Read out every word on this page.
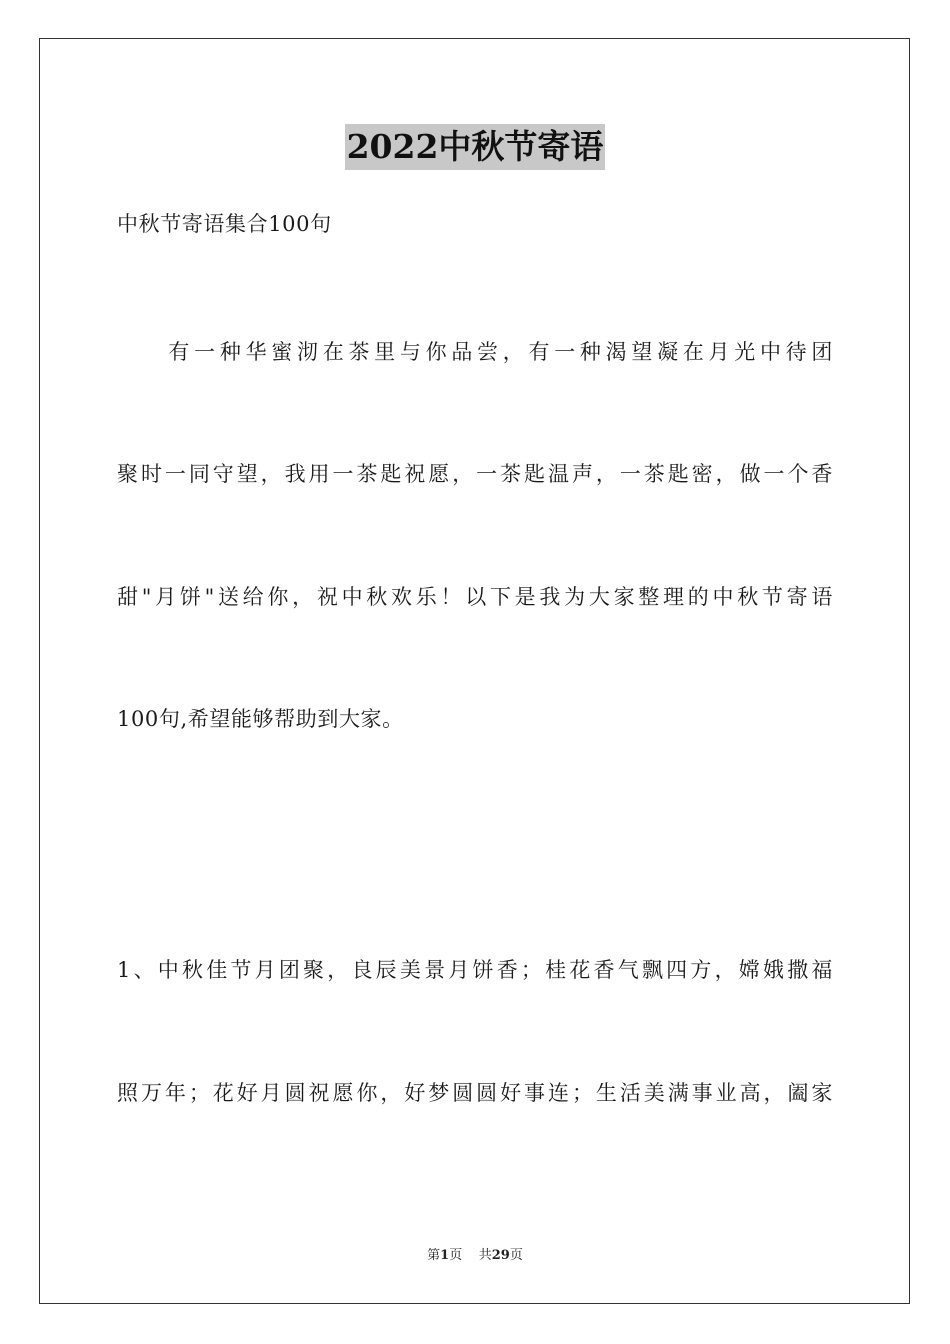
2022中秋节寄语
中秋节寄语集合100句
　　有一种华蜜沏在茶里与你品尝，有一种渴望凝在月光中待团
聚时一同守望，我用一茶匙祝愿，一茶匙温声，一茶匙密，做一个香
甜"月饼"送给你，祝中秋欢乐！以下是我为大家整理的中秋节寄语
100句,希望能够帮助到大家。
1、中秋佳节月团聚，良辰美景月饼香；桂花香气飘四方，嫦娥撒福
照万年；花好月圆祝愿你，好梦圆圆好事连；生活美满事业高，阖家
第1页 共29页
